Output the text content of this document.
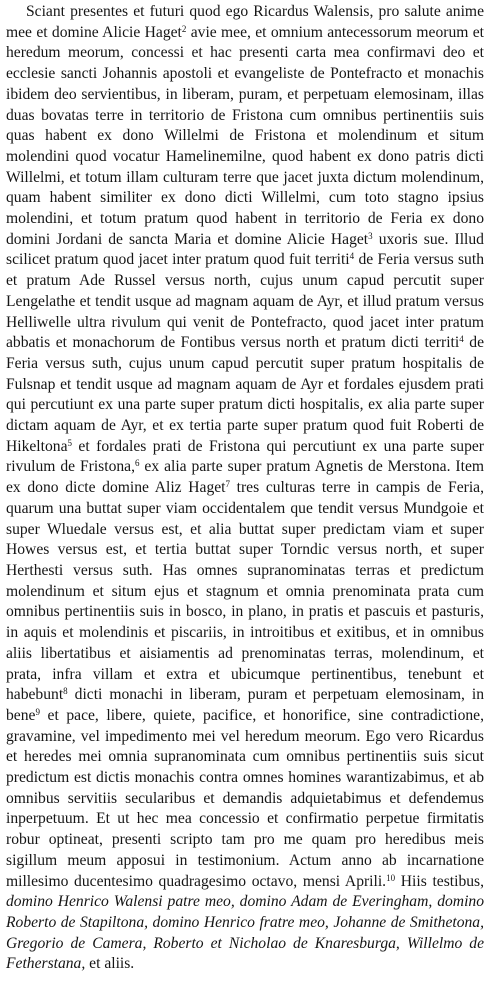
Sciant presentes et futuri quod ego Ricardus Walensis, pro salute anime mee et domine Alicie Haget$^2$ avie mee, et omnium antecessorum meorum et heredum meorum, concessi et hac presenti carta mea confirmavi deo et ecclesie sancti Johannis apostoli et evangeliste de Pontefracto et monachis ibidem deo servientibus, in liberam, puram, et perpetuam elemosinam, illas duas bovatas terre in territorio de Fristona cum omnibus pertinentiis suis quas habent ex dono Willelmi de Fristona et molendinum et situm molendini quod vocatur Hamelinemilne, quod habent ex dono patris dicti Willelmi, et totum illam culturam terre que jacet juxta dictum molendinum, quam habent similiter ex dono dicti Willelmi, cum toto stagno ipsius molendini, et totum pratum quod habent in territorio de Feria ex dono domini Jordani de sancta Maria et domine Alicie Haget$^3$ uxoris sue. Illud scilicet pratum quod jacet inter pratum quod fuit territi$^4$ de Feria versus suth et pratum Ade Russel versus north, cujus unum capud percutit super Lengelathe et tendit usque ad magnam aquam de Ayr, et illud pratum versus Helliwelle ultra rivulum qui venit de Pontefracto, quod jacet inter pratum abbatis et monachorum de Fontibus versus north et pratum dicti territi$^4$ de Feria versus suth, cujus unum capud percutit super pratum hospitalis de Fulsnap et tendit usque ad magnam aquam de Ayr et fordales ejusdem prati qui percutiunt ex una parte super pratum dicti hospitalis, ex alia parte super dictam aquam de Ayr, et ex tertia parte super pratum quod fuit Roberti de Hikeltona$^5$ et fordales prati de Fristona qui percutiunt ex una parte super rivulum de Fristona,$^6$ ex alia parte super pratum Agnetis de Merstona. Item ex dono dicte domine Aliz Haget$^7$ tres culturas terre in campis de Feria, quarum una buttat super viam occidentalem que tendit versus Mundgoie et super Wluedale versus est, et alia buttat super predictam viam et super Howes versus est, et tertia buttat super Torndic versus north, et super Herthesti versus suth. Has omnes supranominatas terras et predictum molendinum et situm ejus et stagnum et omnia prenominata prata cum omnibus pertinentiis suis in bosco, in plano, in pratis et pascuis et pasturis, in aquis et molendinis et piscariis, in introitibus et exitibus, et in omnibus aliis libertatibus et aisiamentis ad prenominatas terras, molendinum, et prata, infra villam et extra et ubicumque pertinentibus, tenebunt et habebunt$^8$ dicti monachi in liberam, puram et perpetuam elemosinam, in bene$^9$ et pace, libere, quiete, pacifice, et honorifice, sine contradictione, gravamine, vel impedimento mei vel heredum meorum. Ego vero Ricardus et heredes mei omnia supranominata cum omnibus pertinentiis suis sicut predictum est dictis monachis contra omnes homines warantizabimus, et ab omnibus servitiis secularibus et demandis adquietabimus et defendemus inperpetuum. Et ut hec mea concessio et confirmatio perpetue firmitatis robur optineat, presenti scripto tam pro me quam pro heredibus meis sigillum meum apposui in testimonium. Actum anno ab incarnatione millesimo ducentesimo quadragesimo octavo, mensi Aprili.$^{10}$ Hiis testibus, domino Henrico Walensi patre meo, domino Adam de Everingham, domino Roberto de Stapiltona, domino Henrico fratre meo, Johanne de Smithetona, Gregorio de Camera, Roberto et Nicholao de Knaresburga, Willelmo de Fetherstana, et aliis.
